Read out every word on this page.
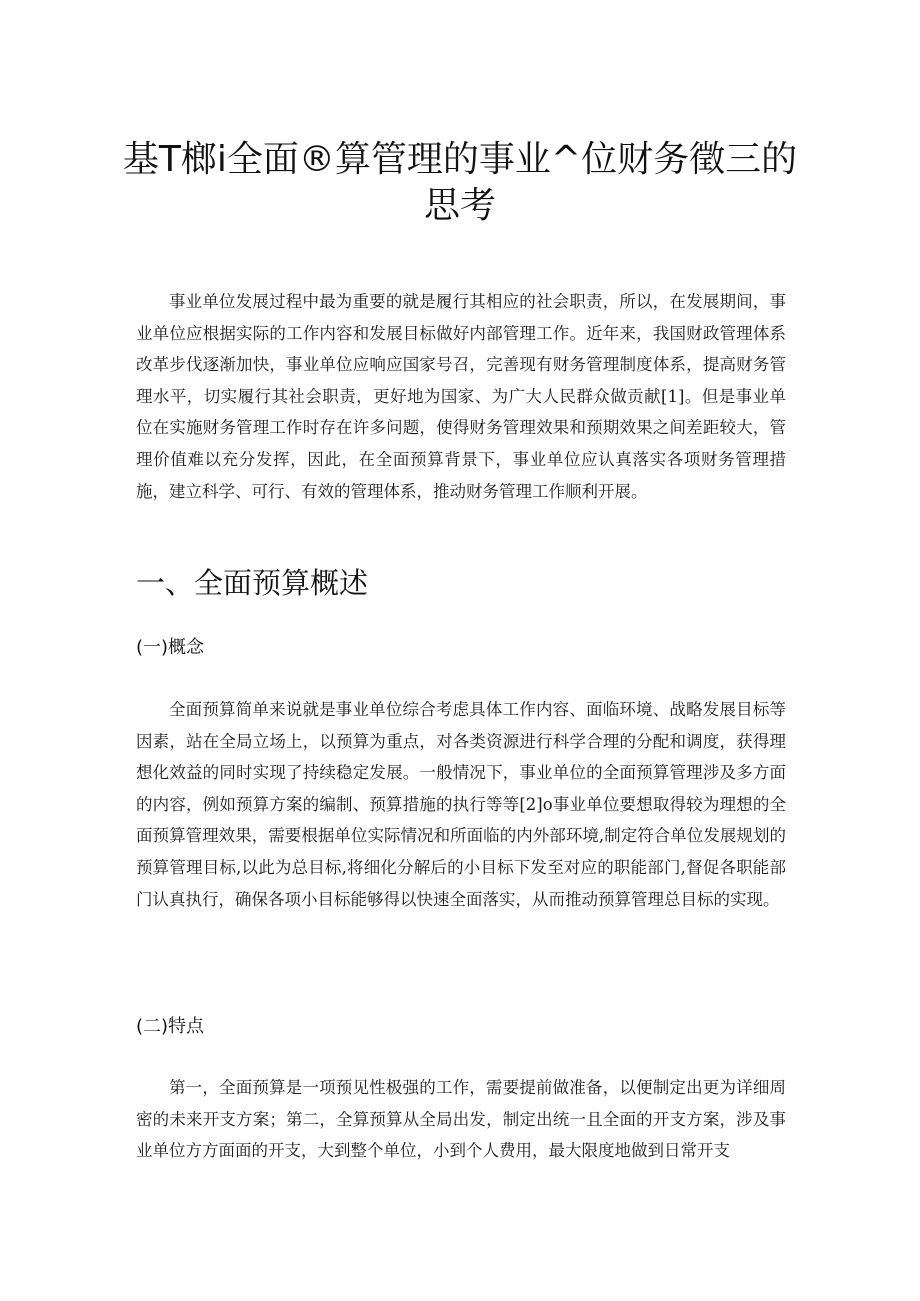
基T榔i全面®算管理的事业^位财务徵三的
思考

事业单位发展过程中最为重要的就是履行其相应的社会职责，所以，在发展期间，事业单位应根据实际的工作内容和发展目标做好内部管理工作。近年来，我国财政管理体系改革步伐逐渐加快，事业单位应响应国家号召，完善现有财务管理制度体系，提高财务管理水平，切实履行其社会职责，更好地为国家、为广大人民群众做贡献[1]。但是事业单位在实施财务管理工作时存在许多问题，使得财务管理效果和预期效果之间差距较大，管理价值难以充分发挥，因此，在全面预算背景下，事业单位应认真落实各项财务管理措施，建立科学、可行、有效的管理体系，推动财务管理工作顺利开展。

一、全面预算概述
(一)概念

全面预算简单来说就是事业单位综合考虑具体工作内容、面临环境、战略发展目标等因素，站在全局立场上，以预算为重点，对各类资源进行科学合理的分配和调度，获得理想化效益的同时实现了持续稳定发展。一般情况下，事业单位的全面预算管理涉及多方面的内容，例如预算方案的编制、预算措施的执行等等[2]o事业单位要想取得较为理想的全面预算管理效果，需要根据单位实际情况和所面临的内外部环境,制定符合单位发展规划的预算管理目标,以此为总目标,将细化分解后的小目标下发至对应的职能部门,督促各职能部门认真执行，确保各项小目标能够得以快速全面落实，从而推动预算管理总目标的实现。

(二)特点

第一，全面预算是一项预见性极强的工作，需要提前做准备，以便制定出更为详细周密的未来开支方案；第二，全算预算从全局出发，制定出统一且全面的开支方案，涉及事业单位方方面面的开支，大到整个单位，小到个人费用，最大限度地做到日常开支
